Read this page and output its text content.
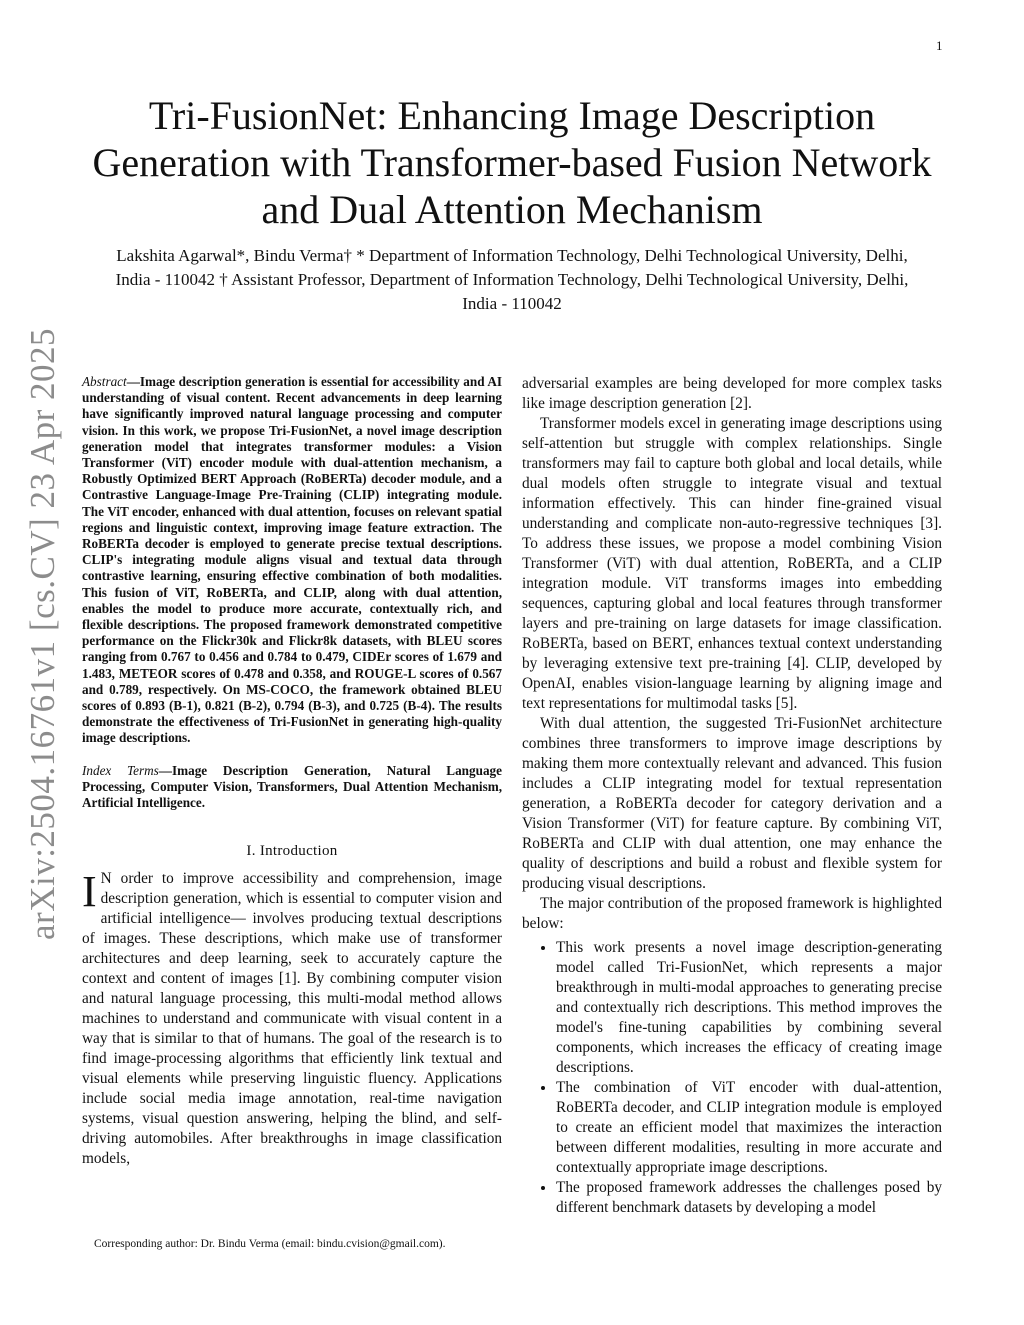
1
arXiv:2504.16761v1 [cs.CV] 23 Apr 2025
Tri-FusionNet: Enhancing Image Description Generation with Transformer-based Fusion Network and Dual Attention Mechanism
Lakshita Agarwal*, Bindu Verma† * Department of Information Technology, Delhi Technological University, Delhi, India - 110042 † Assistant Professor, Department of Information Technology, Delhi Technological University, Delhi, India - 110042

Abstract—Image description generation is essential for accessibility and AI understanding of visual content. Recent advancements in deep learning have significantly improved natural language processing and computer vision. In this work, we propose Tri-FusionNet, a novel image description generation model that integrates transformer modules: a Vision Transformer (ViT) encoder module with dual-attention mechanism, a Robustly Optimized BERT Approach (RoBERTa) decoder module, and a Contrastive Language-Image Pre-Training (CLIP) integrating module. The ViT encoder, enhanced with dual attention, focuses on relevant spatial regions and linguistic context, improving image feature extraction. The RoBERTa decoder is employed to generate precise textual descriptions. CLIP's integrating module aligns visual and textual data through contrastive learning, ensuring effective combination of both modalities. This fusion of ViT, RoBERTa, and CLIP, along with dual attention, enables the model to produce more accurate, contextually rich, and flexible descriptions. The proposed framework demonstrated competitive performance on the Flickr30k and Flickr8k datasets, with BLEU scores ranging from 0.767 to 0.456 and 0.784 to 0.479, CIDEr scores of 1.679 and 1.483, METEOR scores of 0.478 and 0.358, and ROUGE-L scores of 0.567 and 0.789, respectively. On MS-COCO, the framework obtained BLEU scores of 0.893 (B-1), 0.821 (B-2), 0.794 (B-3), and 0.725 (B-4). The results demonstrate the effectiveness of Tri-FusionNet in generating high-quality image descriptions.

Index Terms—Image Description Generation, Natural Language Processing, Computer Vision, Transformers, Dual Attention Mechanism, Artificial Intelligence.

I. Introduction

I N order to improve accessibility and comprehension, image description generation, which is essential to computer vision and artificial intelligence— involves producing textual descriptions of images. These descriptions, which make use of transformer architectures and deep learning, seek to accurately capture the context and content of images [1]. By combining computer vision and natural language processing, this multi-modal method allows machines to understand and communicate with visual content in a way that is similar to that of humans. The goal of the research is to find image-processing algorithms that efficiently link textual and visual elements while preserving linguistic fluency. Applications include social media image annotation, real-time navigation systems, visual question answering, helping the blind, and self-driving automobiles. After breakthroughs in image classification models,

Corresponding author: Dr. Bindu Verma (email: bindu.cvision@gmail.com).

adversarial examples are being developed for more complex tasks like image description generation [2].

Transformer models excel in generating image descriptions using self-attention but struggle with complex relationships. Single transformers may fail to capture both global and local details, while dual models often struggle to integrate visual and textual information effectively. This can hinder fine-grained visual understanding and complicate non-auto-regressive techniques [3]. To address these issues, we propose a model combining Vision Transformer (ViT) with dual attention, RoBERTa, and a CLIP integration module. ViT transforms images into embedding sequences, capturing global and local features through transformer layers and pre-training on large datasets for image classification. RoBERTa, based on BERT, enhances textual context understanding by leveraging extensive text pre-training [4]. CLIP, developed by OpenAI, enables vision-language learning by aligning image and text representations for multimodal tasks [5].

With dual attention, the suggested Tri-FusionNet architecture combines three transformers to improve image descriptions by making them more contextually relevant and advanced. This fusion includes a CLIP integrating model for textual representation generation, a RoBERTa decoder for category derivation and a Vision Transformer (ViT) for feature capture. By combining ViT, RoBERTa and CLIP with dual attention, one may enhance the quality of descriptions and build a robust and flexible system for producing visual descriptions.

The major contribution of the proposed framework is highlighted below:

• This work presents a novel image description-generating model called Tri-FusionNet, which represents a major breakthrough in multi-modal approaches to generating precise and contextually rich descriptions. This method improves the model's fine-tuning capabilities by combining several components, which increases the efficacy of creating image descriptions.
• The combination of ViT encoder with dual-attention, RoBERTa decoder, and CLIP integration module is employed to create an efficient model that maximizes the interaction between different modalities, resulting in more accurate and contextually appropriate image descriptions.
• The proposed framework addresses the challenges posed by different benchmark datasets by developing a model
